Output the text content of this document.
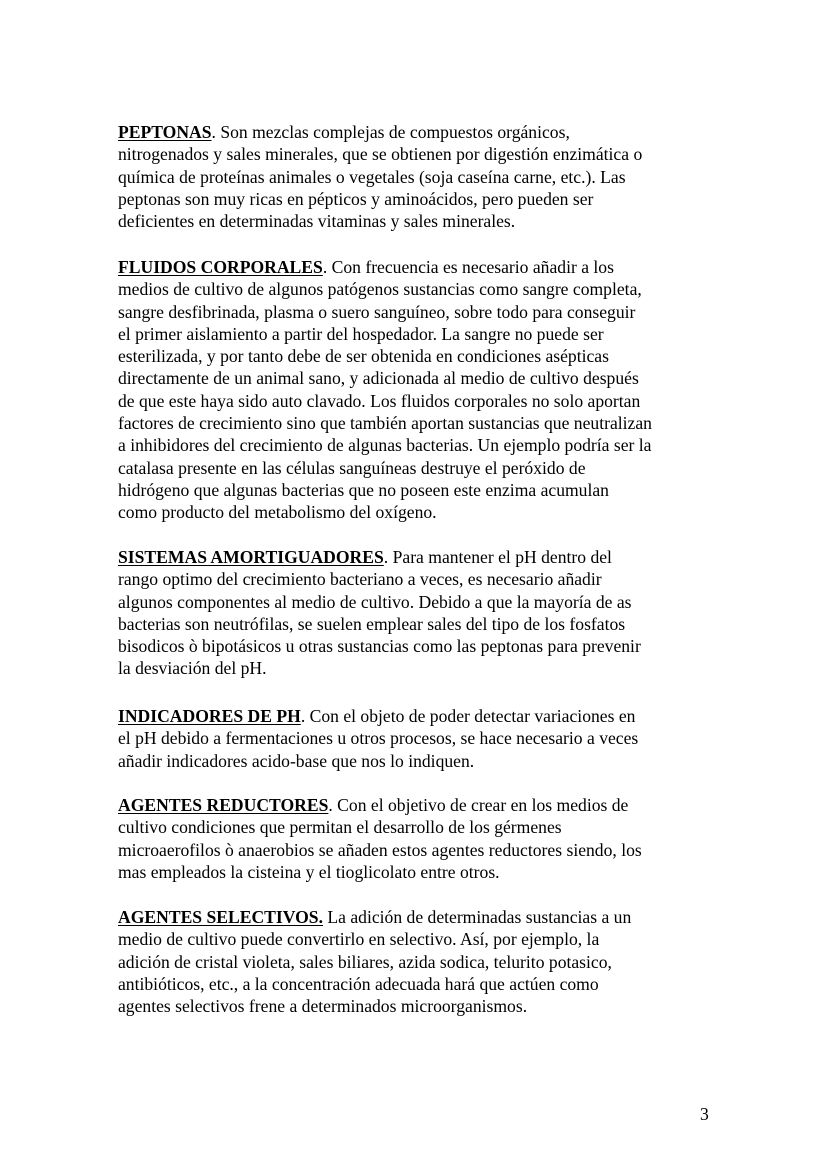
PEPTONAS. Son mezclas complejas de compuestos orgánicos,
nitrogenados y sales minerales, que se obtienen por digestión enzimática o
química de proteínas animales o vegetales (soja caseína carne, etc.). Las
peptonas son muy ricas en pépticos y aminoácidos, pero pueden ser
deficientes en determinadas vitaminas y sales minerales.
FLUIDOS CORPORALES. Con frecuencia es necesario añadir a los
medios de cultivo de algunos patógenos sustancias como sangre completa,
sangre desfibrinada, plasma o suero sanguíneo, sobre todo para conseguir
el primer aislamiento a partir del hospedador. La sangre no puede ser
esterilizada, y por tanto debe de ser obtenida en condiciones asépticas
directamente de un animal sano, y adicionada al medio de cultivo después
de que este haya sido auto clavado. Los fluidos corporales no solo aportan
factores de crecimiento sino que también aportan sustancias que neutralizan
a inhibidores del crecimiento de algunas bacterias. Un ejemplo podría ser la
catalasa presente en las células sanguíneas destruye el peróxido de
hidrógeno que algunas bacterias que no poseen este enzima acumulan
como producto del metabolismo del oxígeno.
SISTEMAS AMORTIGUADORES. Para mantener el pH dentro del
rango optimo del crecimiento bacteriano a veces, es necesario añadir
algunos componentes al medio de cultivo. Debido a que la mayoría de as
bacterias son neutrófilas, se suelen emplear sales del tipo de los fosfatos
bisodicos ò bipotásicos u otras sustancias como las peptonas para prevenir
la desviación del pH.
INDICADORES DE PH. Con el objeto de poder detectar variaciones en
el pH debido a fermentaciones u otros procesos, se hace necesario a veces
añadir indicadores acido-base que nos lo indiquen.
AGENTES REDUCTORES. Con el objetivo de crear en los medios de
cultivo condiciones que permitan el desarrollo de los gérmenes
microaerofilos ò anaerobios se añaden estos agentes reductores siendo, los
mas empleados la cisteina y el tioglicolato entre otros.
AGENTES SELECTIVOS. La adición de determinadas sustancias a un
medio de cultivo puede convertirlo en selectivo. Así, por ejemplo, la
adición de cristal violeta, sales biliares, azida sodica, telurito potasico,
antibióticos, etc., a la concentración adecuada hará que actúen como
agentes selectivos frene a determinados microorganismos.
3
